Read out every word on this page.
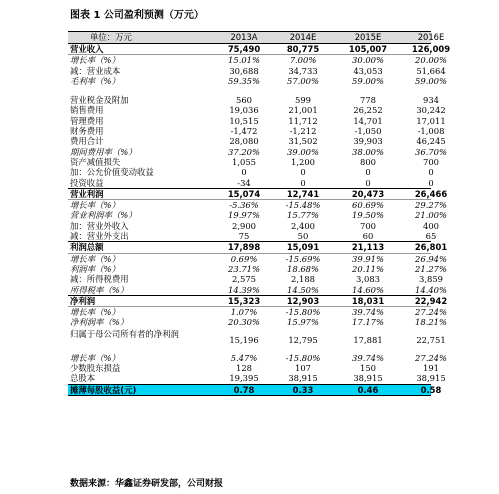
图表 1 公司盈利预测（万元）
单位：万元	2013A	2014E	2015E	2016E
营业收入	75,490	80,775	105,007	126,009
增长率（%）	15.01%	7.00%	30.00%	20.00%
减：营业成本	30,688	34,733	43,053	51,664
毛利率（%）	59.35%	57.00%	59.00%	59.00%
营业税金及附加	560	599	778	934
销售费用	19,036	21,001	26,252	30,242
管理费用	10,515	11,712	14,701	17,011
财务费用	-1,472	-1,212	-1,050	-1,008
费用合计	28,080	31,502	39,903	46,245
期间费用率（%）	37.20%	39.00%	38.00%	36.70%
资产减值损失	1,055	1,200	800	700
加：公允价值变动收益	0	0	0	0
投资收益	-34	0	0	0
营业利润	15,074	12,741	20,473	26,466
增长率（%）	-5.36%	-15.48%	60.69%	29.27%
营业利润率（%）	19.97%	15.77%	19.50%	21.00%
加：营业外收入	2,900	2,400	700	400
减：营业外支出	75	50	60	65
利润总额	17,898	15,091	21,113	26,801
增长率（%）	0.69%	-15.69%	39.91%	26.94%
利润率（%）	23.71%	18.68%	20.11%	21.27%
减：所得税费用	2,575	2,188	3,083	3,859
所得税率（%）	14.39%	14.50%	14.60%	14.40%
净利润	15,323	12,903	18,031	22,942
增长率（%）	1.07%	-15.80%	39.74%	27.24%
净利润率（%）	20.30%	15.97%	17.17%	18.21%
归属于母公司所有者的净利润
15,196	12,795	17,881	22,751
增长率（%）	5.47%	-15.80%	39.74%	27.24%
少数股东损益	128	107	150	191
总股本	19,395	38,915	38,915	38,915
摊薄每股收益(元)	0.78	0.33	0.46	0.58
数据来源：华鑫证券研发部，公司财报
